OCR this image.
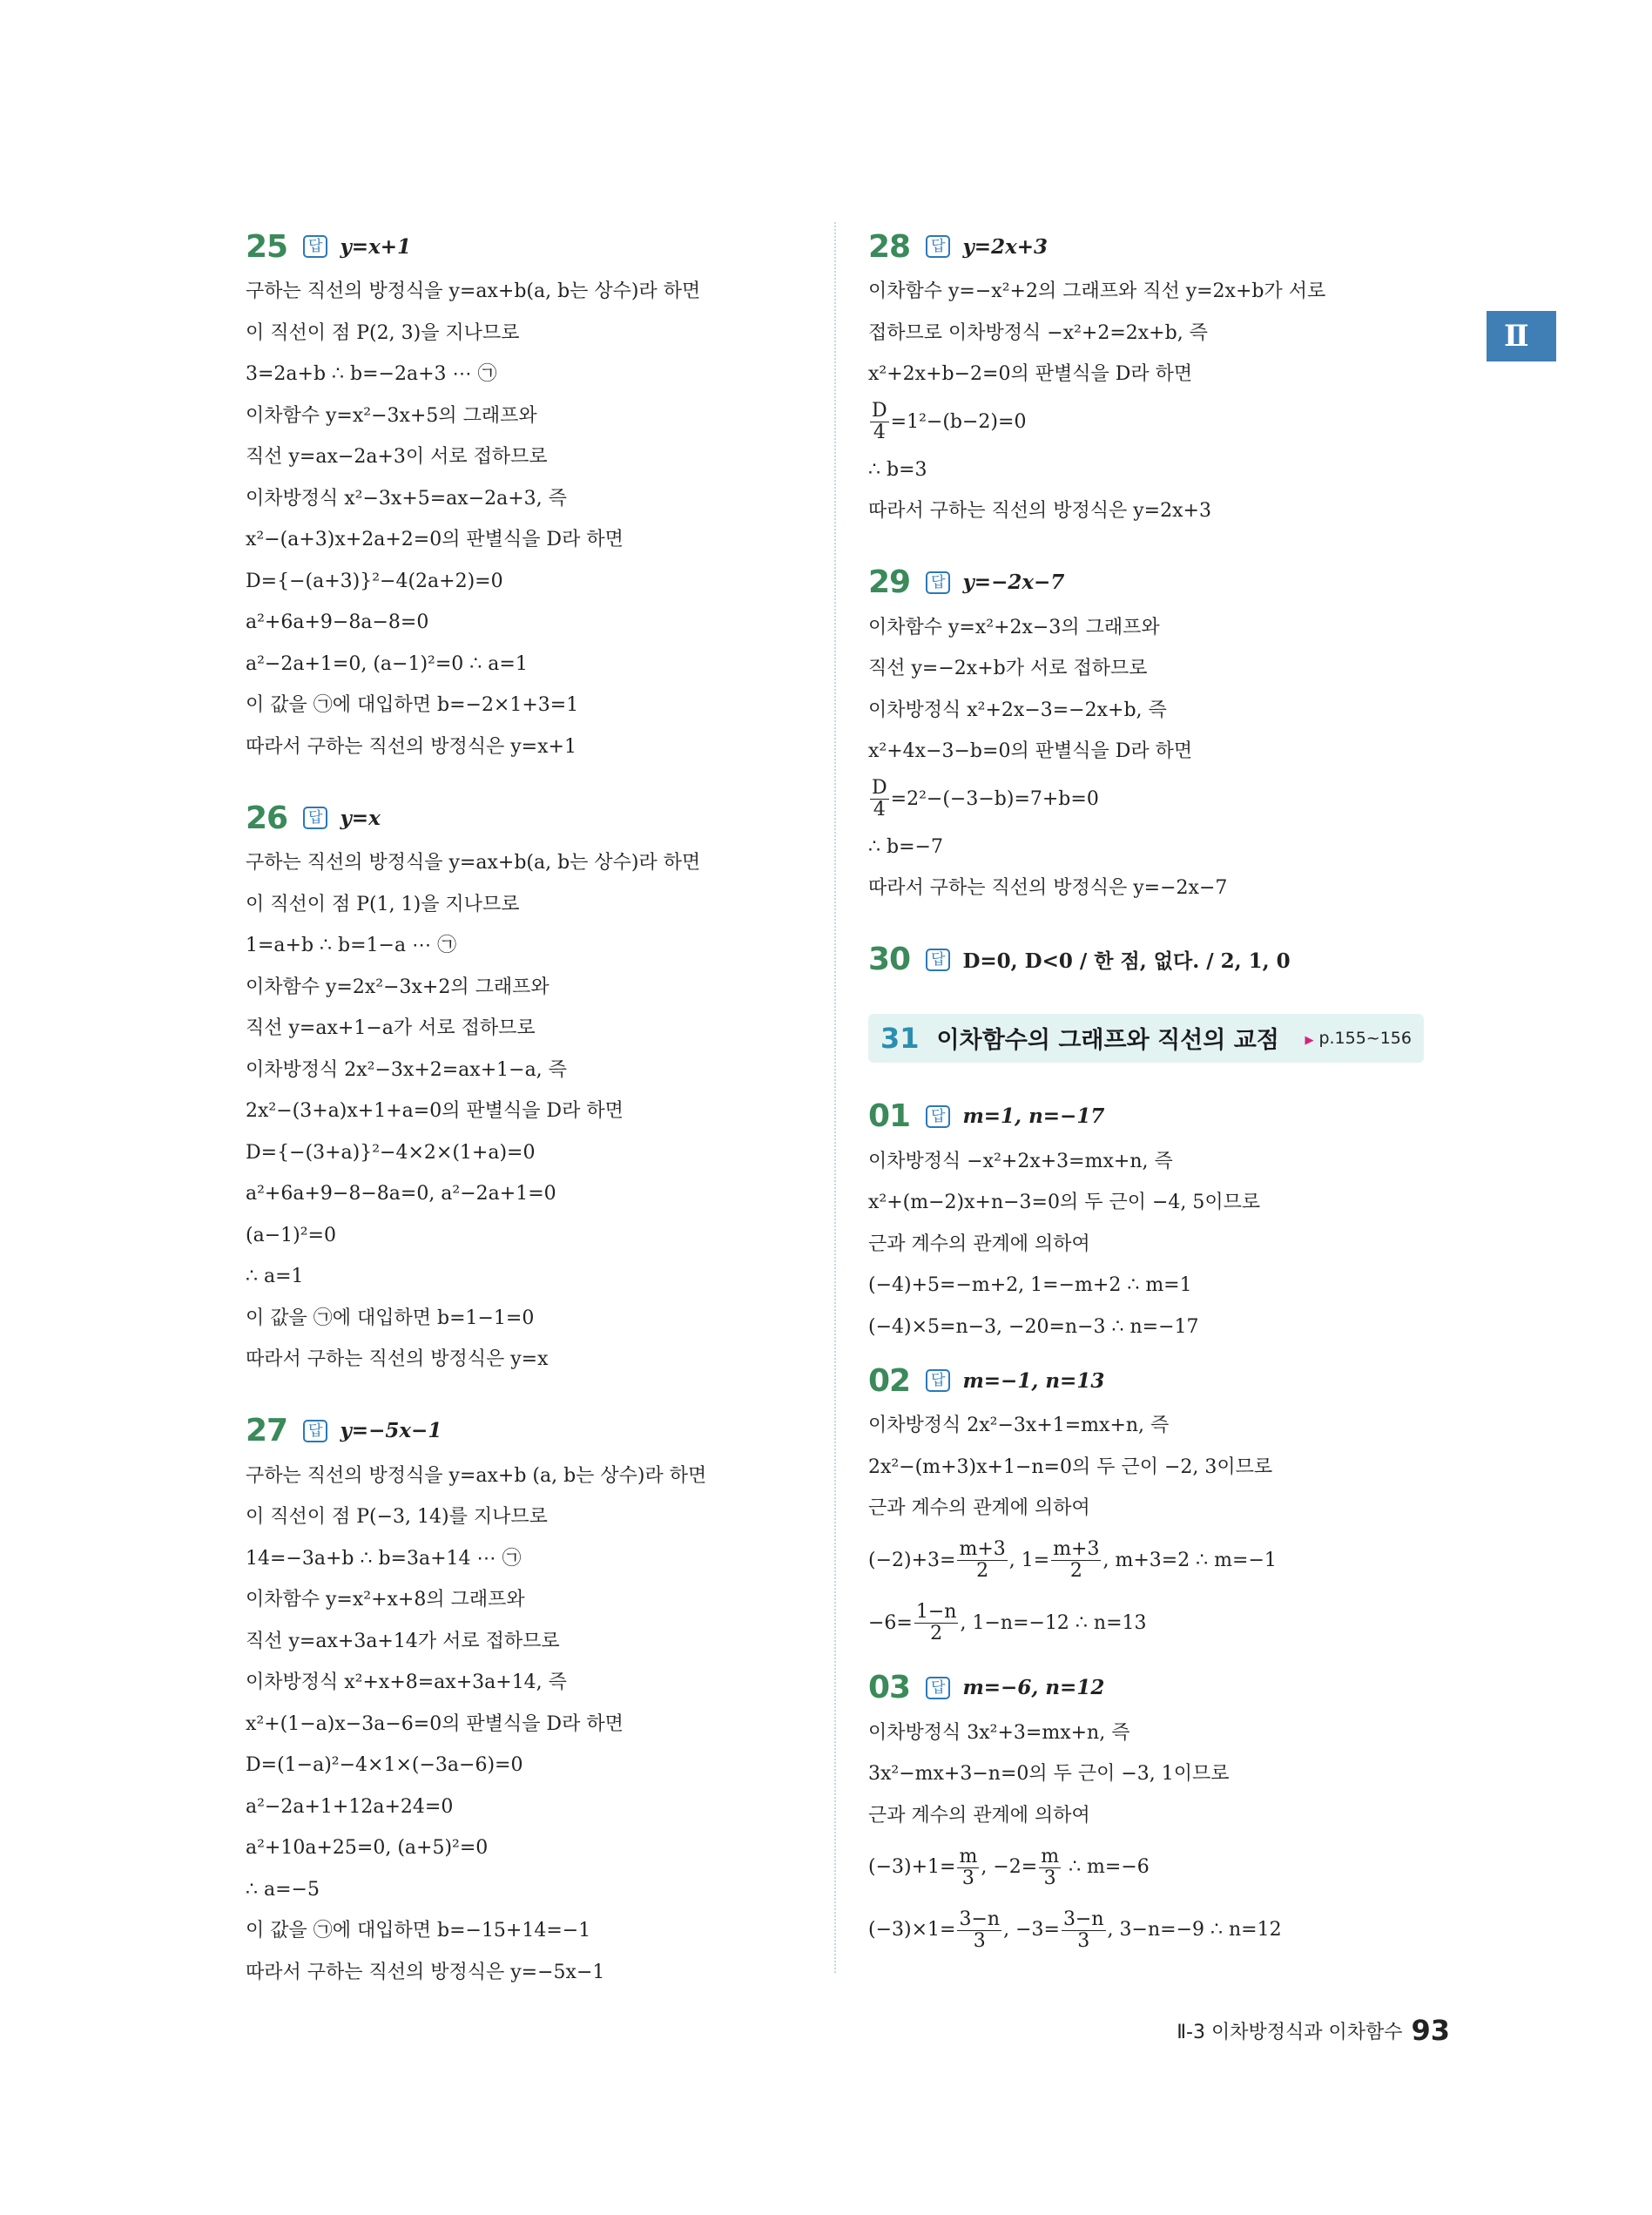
Ⅱ
25	답 y=x+1
구하는 직선의 방정식을 y=ax+b(a, b는 상수)라 하면
이 직선이 점 P(2, 3)을 지나므로
3=2a+b ∴ b=−2a+3 ⋯ ㉠
이차함수 y=x²−3x+5의 그래프와
직선 y=ax−2a+3이 서로 접하므로
이차방정식 x²−3x+5=ax−2a+3, 즉
x²−(a+3)x+2a+2=0의 판별식을 D라 하면
D={−(a+3)}²−4(2a+2)=0
a²+6a+9−8a−8=0
a²−2a+1=0, (a−1)²=0 ∴ a=1
이 값을 ㉠에 대입하면 b=−2×1+3=1
따라서 구하는 직선의 방정식은 y=x+1
26	답 y=x
구하는 직선의 방정식을 y=ax+b(a, b는 상수)라 하면
이 직선이 점 P(1, 1)을 지나므로
1=a+b ∴ b=1−a ⋯ ㉠
이차함수 y=2x²−3x+2의 그래프와
직선 y=ax+1−a가 서로 접하므로
이차방정식 2x²−3x+2=ax+1−a, 즉
2x²−(3+a)x+1+a=0의 판별식을 D라 하면
D={−(3+a)}²−4×2×(1+a)=0
a²+6a+9−8−8a=0, a²−2a+1=0
(a−1)²=0
∴ a=1
이 값을 ㉠에 대입하면 b=1−1=0
따라서 구하는 직선의 방정식은 y=x
27	답 y=−5x−1
구하는 직선의 방정식을 y=ax+b (a, b는 상수)라 하면
이 직선이 점 P(−3, 14)를 지나므로
14=−3a+b ∴ b=3a+14 ⋯ ㉠
이차함수 y=x²+x+8의 그래프와
직선 y=ax+3a+14가 서로 접하므로
이차방정식 x²+x+8=ax+3a+14, 즉
x²+(1−a)x−3a−6=0의 판별식을 D라 하면
D=(1−a)²−4×1×(−3a−6)=0
a²−2a+1+12a+24=0
a²+10a+25=0, (a+5)²=0
∴ a=−5
이 값을 ㉠에 대입하면 b=−15+14=−1
따라서 구하는 직선의 방정식은 y=−5x−1
28	답 y=2x+3
이차함수 y=−x²+2의 그래프와 직선 y=2x+b가 서로
접하므로 이차방정식 −x²+2=2x+b, 즉
x²+2x+b−2=0의 판별식을 D라 하면
$\frac{D}{4} =1^2-(b-2)=0$
∴ b=3
따라서 구하는 직선의 방정식은 y=2x+3
29	답 y=−2x−7
이차함수 y=x²+2x−3의 그래프와
직선 y=−2x+b가 서로 접하므로
이차방정식 x²+2x−3=−2x+b, 즉
x²+4x−3−b=0의 판별식을 D라 하면
$\frac{D}{4} =2^2-(-3-b)=7+b=0$
∴ b=−7
따라서 구하는 직선의 방정식은 y=−2x−7
30	답 D=0, D<0 / 한 점, 없다. / 2, 1, 0
31 이차함수의 그래프와 직선의 교점	▶ p.155~156
01	답 m=1, n=−17
이차방정식 −x²+2x+3=mx+n, 즉
x²+(m−2)x+n−3=0의 두 근이 −4, 5이므로
근과 계수의 관계에 의하여
(−4)+5=−m+2, 1=−m+2 ∴ m=1
(−4)×5=n−3, −20=n−3 ∴ n=−17
02	답 m=−1, n=13
이차방정식 2x²−3x+1=mx+n, 즉
2x²−(m+3)x+1−n=0의 두 근이 −2, 3이므로
근과 계수의 관계에 의하여
$(-2)+3= \frac{m+3}{2}$ , $1= \frac{m+3}{2}$ , m+3=2 ∴ m=−1
$-6= \frac{1-n}{2}$ , 1−n=−12 ∴ n=13
03	답 m=−6, n=12
이차방정식 3x²+3=mx+n, 즉
3x²−mx+3−n=0의 두 근이 −3, 1이므로
근과 계수의 관계에 의하여
$(-3)+1= \frac{m}{3}$ , $-2= \frac{m}{3}$ ∴ m=−6
$(-3)\times 1= \frac{3-n}{3}$ , $-3= \frac{3-n}{3}$ , 3−n=−9 ∴ n=12
Ⅱ-3 이차방정식과 이차함수 93
